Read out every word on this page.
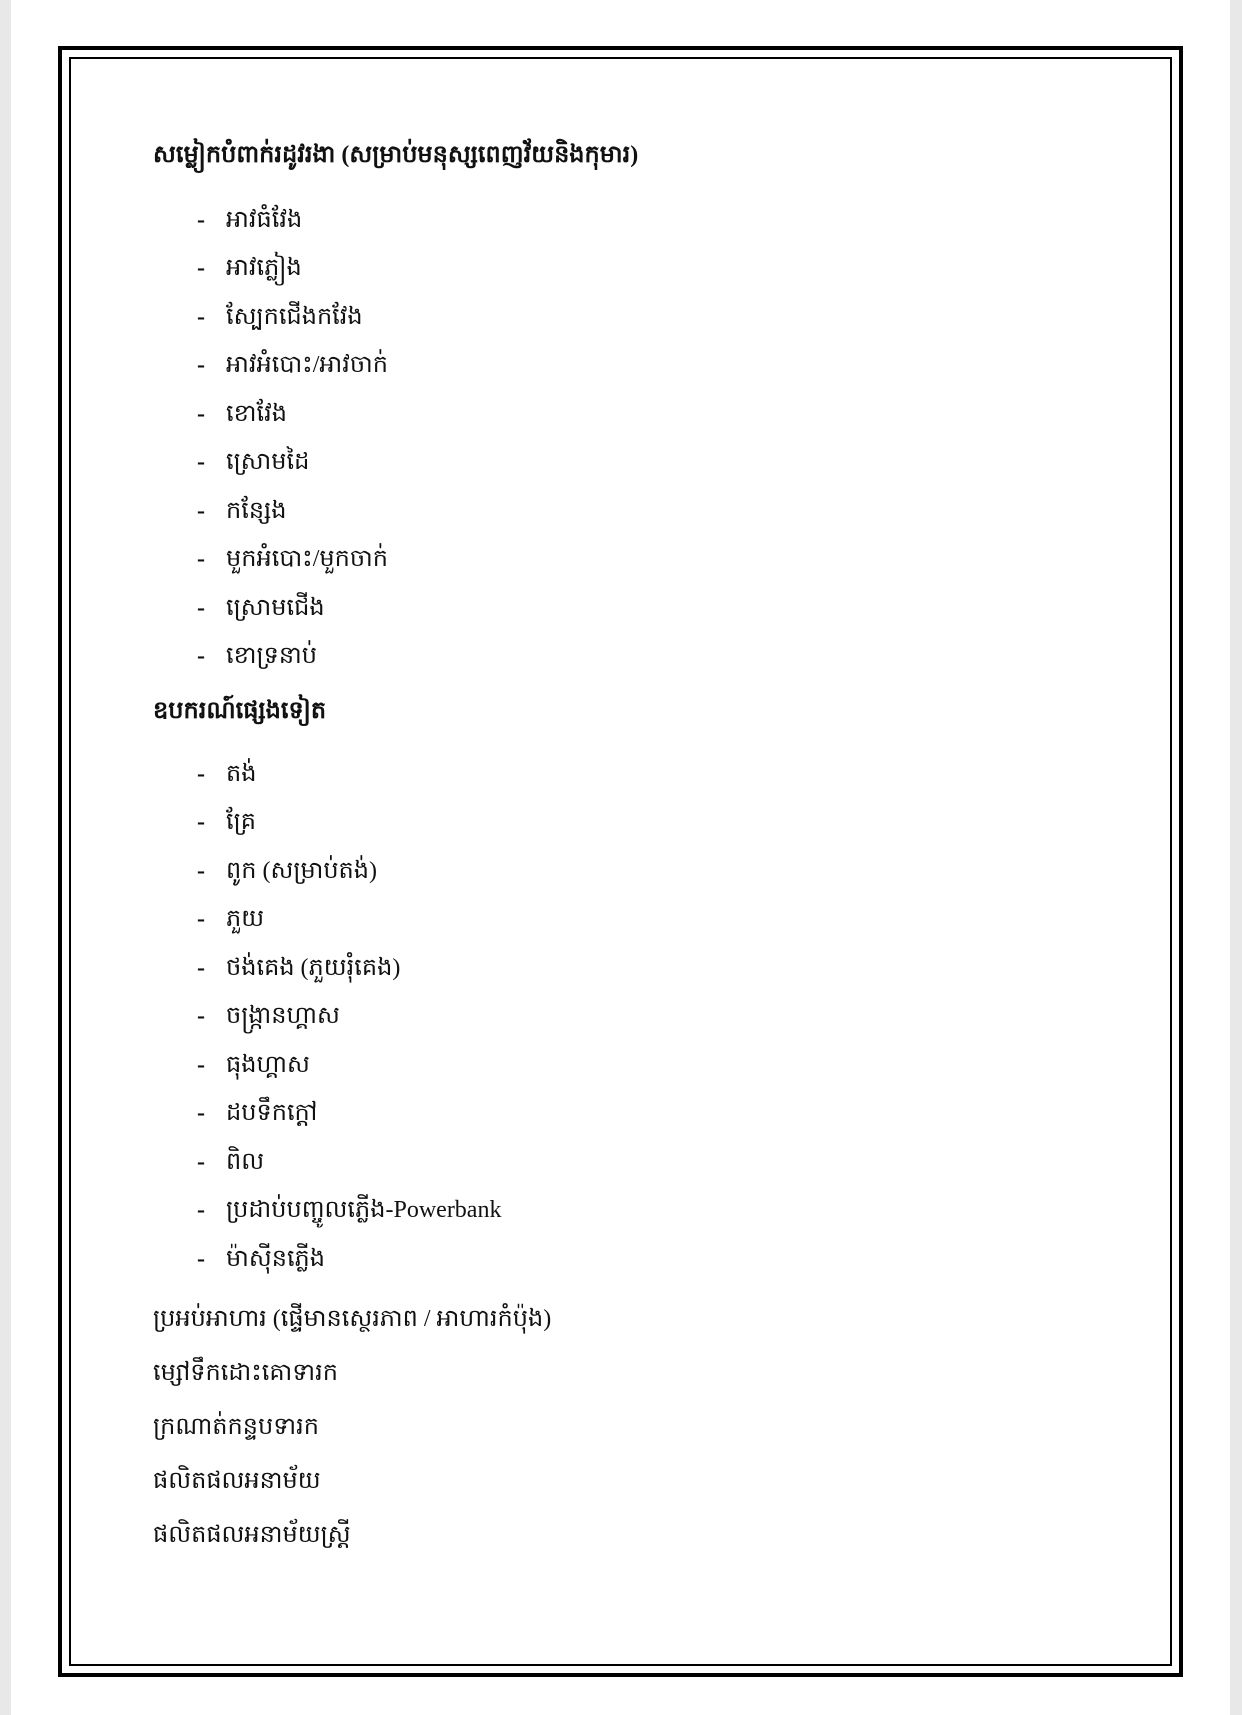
សម្លៀកបំពាក់រដូវរងា (សម្រាប់មនុស្សពេញវ័យនិងកុមារ)
- អាវធំវែង
- អាវភ្លៀង
- ស្បែកជើងកវែង
- អាវអំបោះ/អាវចាក់
- ខោវែង
- ស្រោមដៃ
- កន្សែង
- មួកអំបោះ/មួកចាក់
- ស្រោមជើង
- ខោទ្រនាប់
ឧបករណ៍ផ្សេងទៀត
- តង់
- គ្រែ
- ពូក (សម្រាប់តង់)
- ភួយ
- ថង់គេង (ភួយរុំគេង)
- ចង្ក្រានហ្គាស
- ធុងហ្គាស
- ដបទឹកក្តៅ
- ពិល
- ប្រដាប់បញ្ចូលភ្លើង-Powerbank
- ម៉ាស៊ីនភ្លើង
ប្រអប់អាហារ (ផ្ទើមានស្ថេរភាព / អាហារកំប៉ុង)
ម្សៅទឹកដោះគោទារក
ក្រណាត់កន្ទបទារក
ផលិតផលអនាម័យ
ផលិតផលអនាម័យស្ត្រី
